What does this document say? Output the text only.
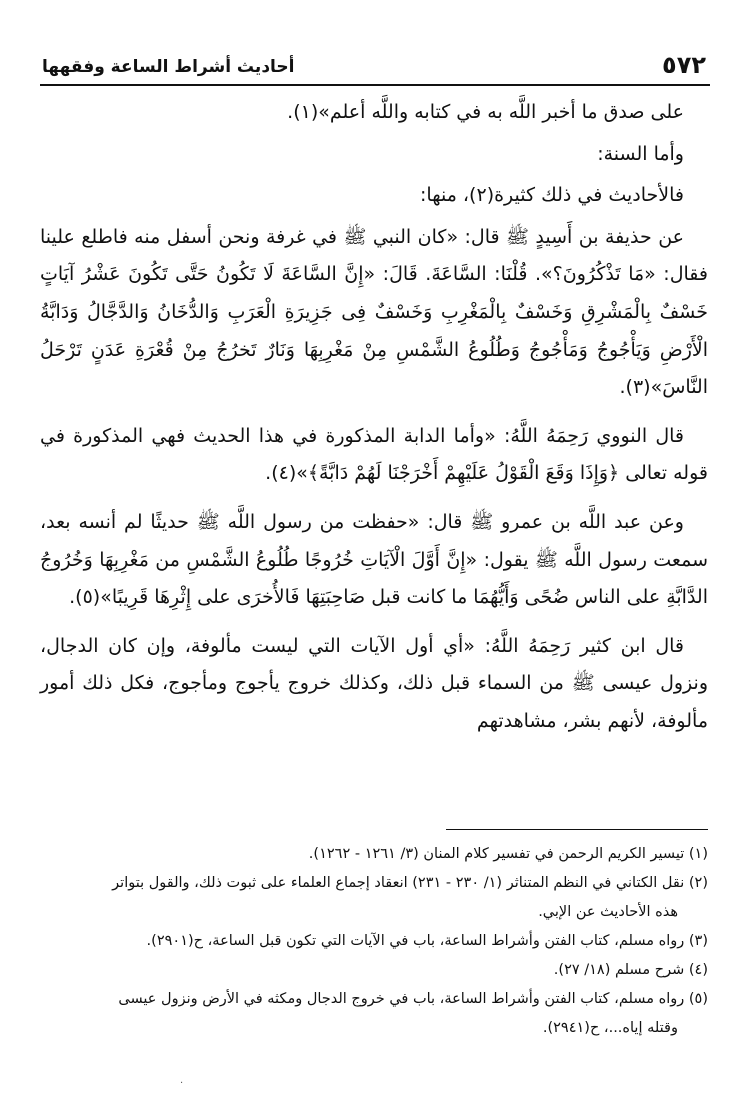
٥٧٢
أحاديث أشراط الساعة وفقهها

على صدق ما أخبر اللَّه به في كتابه واللَّه أعلم»(١).

وأما السنة:

فالأحاديث في ذلك كثيرة(٢)، منها:

عن حذيفة بن أَسِيدٍ ﷺ قال: «كان النبي ﷺ في غرفة ونحن أسفل منه فاطلع علينا فقال: «مَا تَذْكُرُونَ؟». قُلْنَا: السَّاعَةَ. قَالَ: «إِنَّ السَّاعَةَ لَا تَكُونُ حَتَّى تَكُونَ عَشْرُ آيَاتٍ خَسْفٌ بِالْمَشْرِقِ وَخَسْفٌ بِالْمَغْرِبِ وَخَسْفٌ فِى جَزِيرَةِ الْعَرَبِ وَالدُّخَانُ وَالدَّجَّالُ وَدَابَّةُ الْأَرْضِ وَيَأْجُوجُ وَمَأْجُوجُ وَطُلُوعُ الشَّمْسِ مِنْ مَغْرِبِهَا وَنَارٌ تَخرُجُ مِنْ قُعْرَةِ عَدَنٍ تَرْحَلُ النَّاسَ»(٣).

قال النووي رَحِمَهُ اللَّهُ: «وأما الدابة المذكورة في هذا الحديث فهي المذكورة في قوله تعالى ﴿وَإِذَا وَقَعَ الْقَوْلُ عَلَيْهِمْ أَخْرَجْنَا لَهُمْ دَابَّةً﴾»(٤).

وعن عبد اللَّه بن عمرو ﷺ قال: «حفظت من رسول اللَّه ﷺ حديثًا لم أنسه بعد، سمعت رسول اللَّه ﷺ يقول: «إِنَّ أَوَّلَ الْآيَاتِ خُرُوجًا طُلُوعُ الشَّمْسِ من مَغْرِبِهَا وَخُرُوجُ الدَّابَّةِ على الناس ضُحًى وَأَيُّهُمَا ما كانت قبل صَاحِبَتِهَا فَالأُخرَى على إِثْرِهَا قَرِيبًا»(٥).

قال ابن كثير رَحِمَهُ اللَّهُ: «أي أول الآيات التي ليست مألوفة، وإن كان الدجال، ونزول عيسى ﷺ من السماء قبل ذلك، وكذلك خروج يأجوج ومأجوج، فكل ذلك أمور مألوفة، لأنهم بشر، مشاهدتهم

(١) تيسير الكريم الرحمن في تفسير كلام المنان (٣/ ١٢٦١ - ١٢٦٢).

(٢) نقل الكتاني في النظم المتناثر (١/ ٢٣٠ - ٢٣١) انعقاد إجماع العلماء على ثبوت ذلك، والقول بتواتر

هذه الأحاديث عن الإبي.

(٣) رواه مسلم، كتاب الفتن وأشراط الساعة، باب في الآيات التي تكون قبل الساعة، ح(٢٩٠١).

(٤) شرح مسلم (١٨/ ٢٧).

(٥) رواه مسلم، كتاب الفتن وأشراط الساعة، باب في خروج الدجال ومكثه في الأرض ونزول عيسى

وقتله إياه...، ح(٢٩٤١).

·
